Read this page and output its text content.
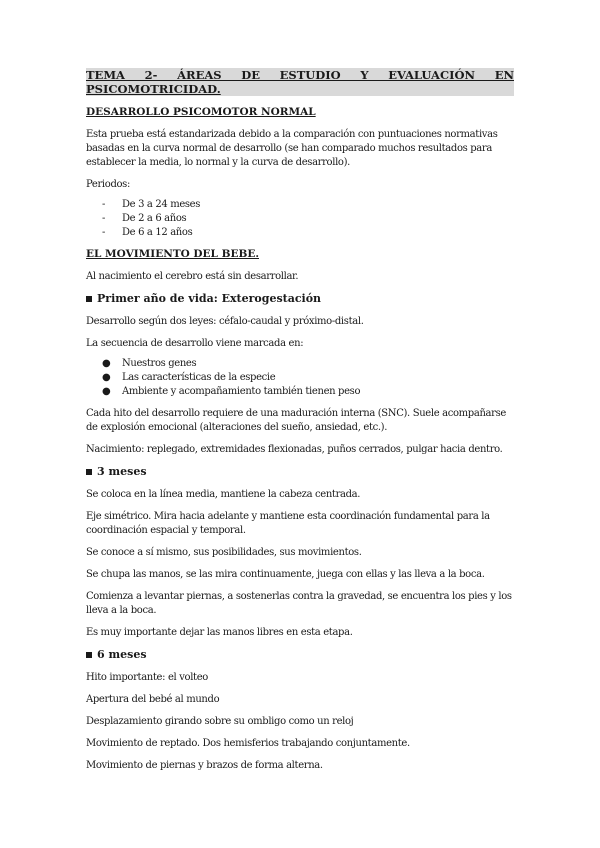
TEMA 2- ÁREAS DE ESTUDIO Y EVALUACIÓN EN PSICOMOTRICIDAD.
DESARROLLO PSICOMOTOR NORMAL
Esta prueba está estandarizada debido a la comparación con puntuaciones normativas basadas en la curva normal de desarrollo (se han comparado muchos resultados para establecer la media, lo normal y la curva de desarrollo).
Periodos:
-	De 3 a 24 meses
-	De 2 a 6 años
-	De 6 a 12 años
EL MOVIMIENTO DEL BEBE.
Al nacimiento el cerebro está sin desarrollar.
Primer año de vida: Exterogestación
Desarrollo según dos leyes: céfalo-caudal y próximo-distal.
La secuencia de desarrollo viene marcada en:
●	Nuestros genes
●	Las características de la especie
●	Ambiente y acompañamiento también tienen peso
Cada hito del desarrollo requiere de una maduración interna (SNC). Suele acompañarse de explosión emocional (alteraciones del sueño, ansiedad, etc.).
Nacimiento: replegado, extremidades flexionadas, puños cerrados, pulgar hacia dentro.
3 meses
Se coloca en la línea media, mantiene la cabeza centrada.
Eje simétrico. Mira hacia adelante y mantiene esta coordinación fundamental para la coordinación espacial y temporal.
Se conoce a sí mismo, sus posibilidades, sus movimientos.
Se chupa las manos, se las mira continuamente, juega con ellas y las lleva a la boca.
Comienza a levantar piernas, a sostenerlas contra la gravedad, se encuentra los pies y los lleva a la boca.
Es muy importante dejar las manos libres en esta etapa.
6 meses
Hito importante: el volteo
Apertura del bebé al mundo
Desplazamiento girando sobre su ombligo como un reloj
Movimiento de reptado. Dos hemisferios trabajando conjuntamente.
Movimiento de piernas y brazos de forma alterna.
